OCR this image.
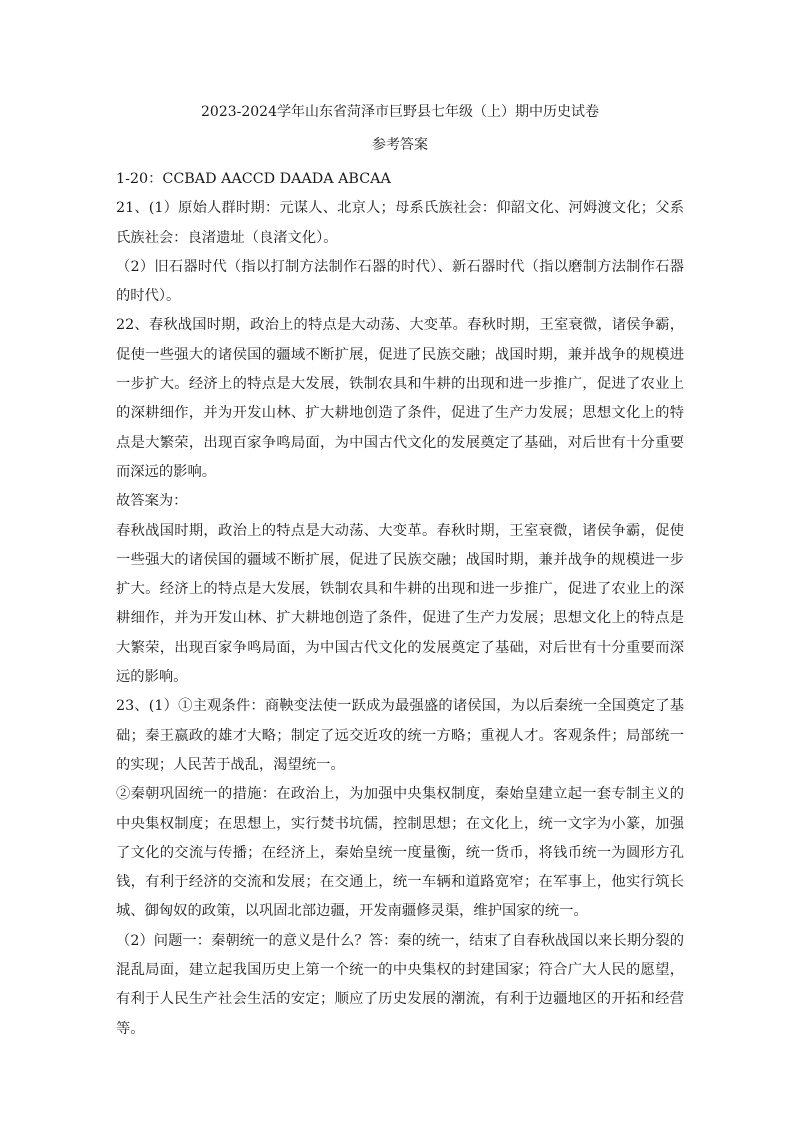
2023-2024学年山东省菏泽市巨野县七年级（上）期中历史试卷

参考答案

1-20：CCBAD AACCD DAADA ABCAA

21、(1）原始人群时期：元谋人、北京人；母系氏族社会：仰韶文化、河姆渡文化；父系氏族社会：良渚遗址（良渚文化）。

（2）旧石器时代（指以打制方法制作石器的时代）、新石器时代（指以磨制方法制作石器的时代）。

22、春秋战国时期，政治上的特点是大动荡、大变革。春秋时期，王室衰微，诸侯争霸，促使一些强大的诸侯国的疆域不断扩展，促进了民族交融；战国时期，兼并战争的规模进一步扩大。经济上的特点是大发展，铁制农具和牛耕的出现和进一步推广，促进了农业上的深耕细作，并为开发山林、扩大耕地创造了条件，促进了生产力发展；思想文化上的特点是大繁荣，出现百家争鸣局面，为中国古代文化的发展奠定了基础，对后世有十分重要而深远的影响。

故答案为：

春秋战国时期，政治上的特点是大动荡、大变革。春秋时期，王室衰微，诸侯争霸，促使一些强大的诸侯国的疆域不断扩展，促进了民族交融；战国时期，兼并战争的规模进一步扩大。经济上的特点是大发展，铁制农具和牛耕的出现和进一步推广，促进了农业上的深耕细作，并为开发山林、扩大耕地创造了条件，促进了生产力发展；思想文化上的特点是大繁荣，出现百家争鸣局面，为中国古代文化的发展奠定了基础，对后世有十分重要而深远的影响。

23、(1）①主观条件：商鞅变法使一跃成为最强盛的诸侯国，为以后秦统一全国奠定了基础；秦王嬴政的雄才大略；制定了远交近攻的统一方略；重视人才。客观条件；局部统一的实现；人民苦于战乱，渴望统一。

②秦朝巩固统一的措施：在政治上，为加强中央集权制度，秦始皇建立起一套专制主义的中央集权制度；在思想上，实行焚书坑儒，控制思想；在文化上，统一文字为小篆，加强了文化的交流与传播；在经济上，秦始皇统一度量衡，统一货币，将钱币统一为圆形方孔钱，有利于经济的交流和发展；在交通上，统一车辆和道路宽窄；在军事上，他实行筑长城、御匈奴的政策，以巩固北部边疆，开发南疆修灵渠，维护国家的统一。

（2）问题一：秦朝统一的意义是什么？答：秦的统一，结束了自春秋战国以来长期分裂的混乱局面，建立起我国历史上第一个统一的中央集权的封建国家；符合广大人民的愿望，有利于人民生产社会生活的安定；顺应了历史发展的潮流，有利于边疆地区的开拓和经营等。
